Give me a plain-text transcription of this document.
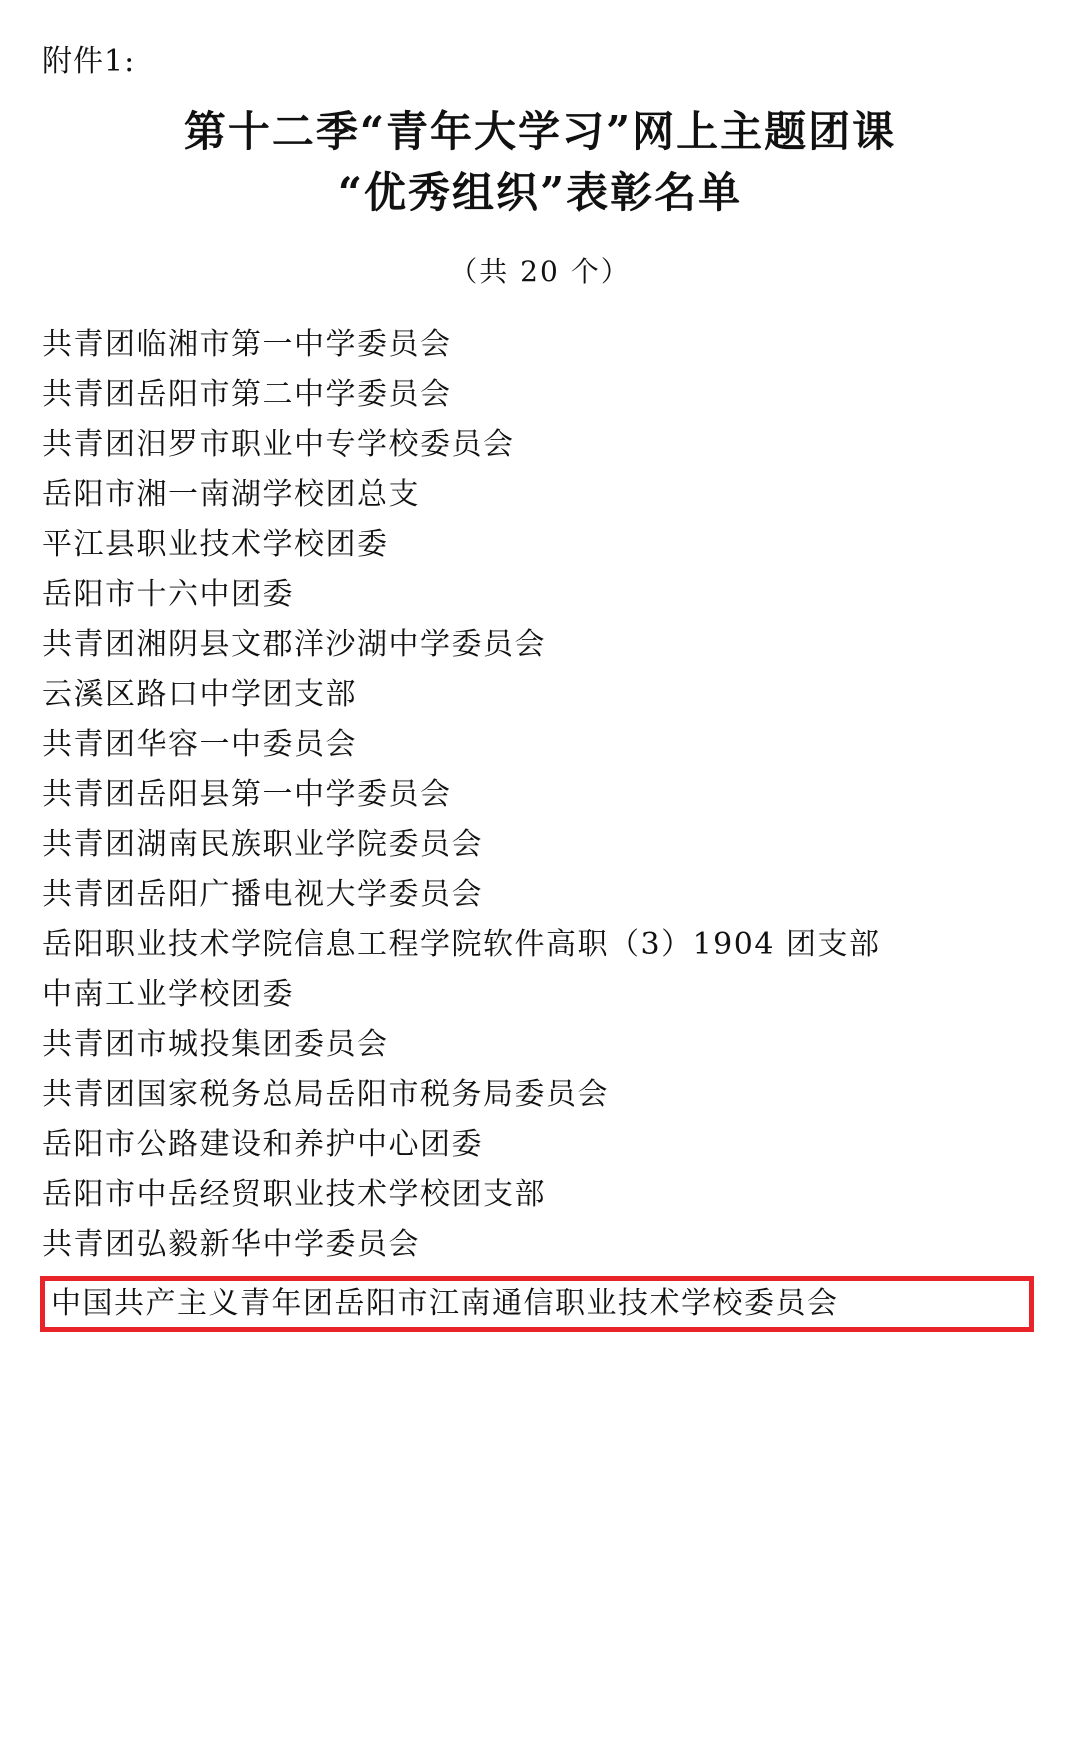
附件1:
第十二季“青年大学习”网上主题团课
“优秀组织”表彰名单
（共 20 个）
共青团临湘市第一中学委员会
共青团岳阳市第二中学委员会
共青团汨罗市职业中专学校委员会
岳阳市湘一南湖学校团总支
平江县职业技术学校团委
岳阳市十六中团委
共青团湘阴县文郡洋沙湖中学委员会
云溪区路口中学团支部
共青团华容一中委员会
共青团岳阳县第一中学委员会
共青团湖南民族职业学院委员会
共青团岳阳广播电视大学委员会
岳阳职业技术学院信息工程学院软件高职（3）1904 团支部
中南工业学校团委
共青团市城投集团委员会
共青团国家税务总局岳阳市税务局委员会
岳阳市公路建设和养护中心团委
岳阳市中岳经贸职业技术学校团支部
共青团弘毅新华中学委员会
中国共产主义青年团岳阳市江南通信职业技术学校委员会
